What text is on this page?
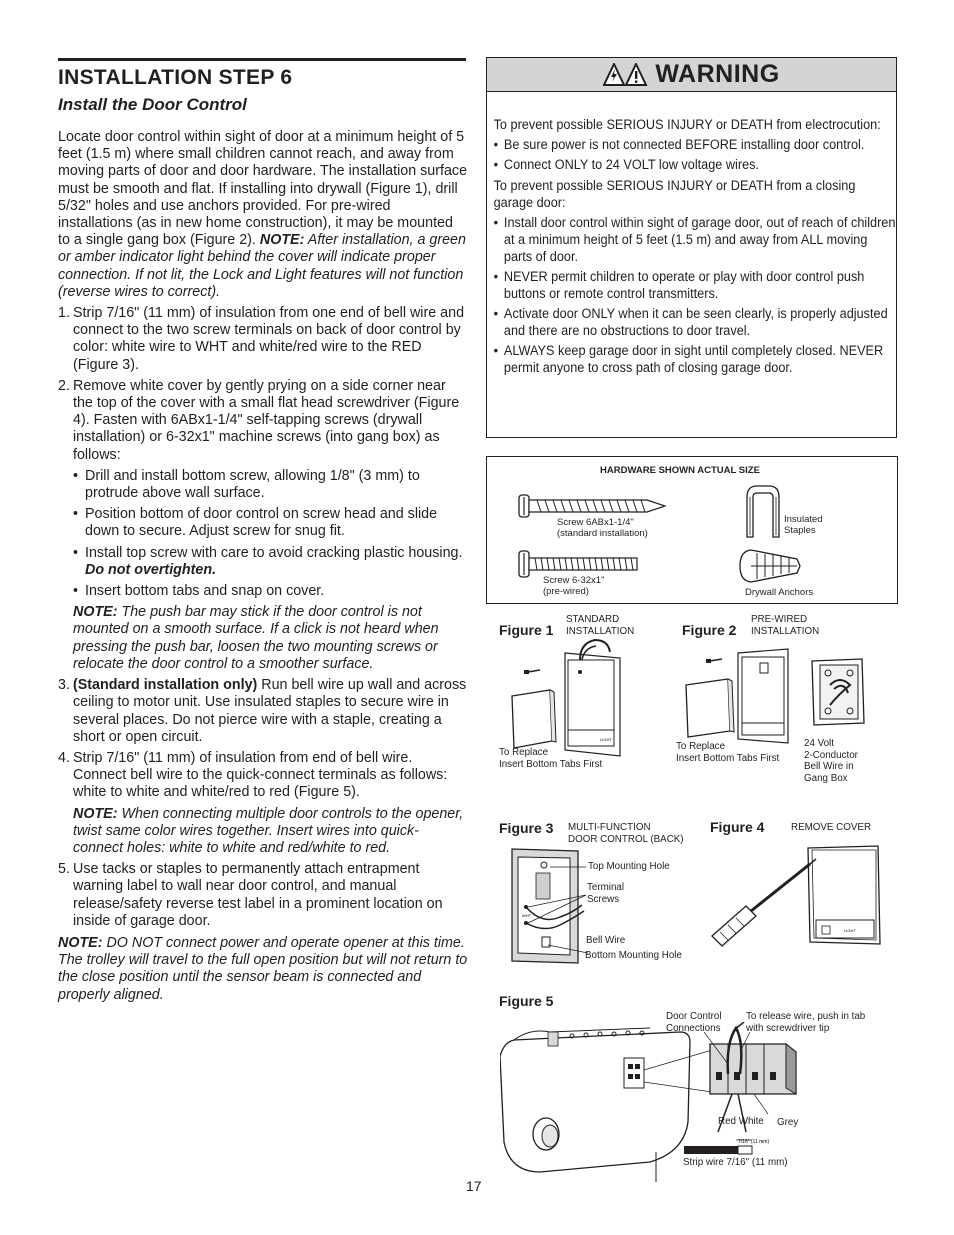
INSTALLATION STEP 6
Install the Door Control
Locate door control within sight of door at a minimum height of 5 feet (1.5 m) where small children cannot reach, and away from moving parts of door and door hardware. The installation surface must be smooth and flat. If installing into drywall (Figure 1), drill 5/32" holes and use anchors provided. For pre-wired installations (as in new home construction), it may be mounted to a single gang box (Figure 2). NOTE: After installation, a green or amber indicator light behind the cover will indicate proper connection. If not lit, the Lock and Light features will not function (reverse wires to correct).
1. Strip 7/16" (11 mm) of insulation from one end of bell wire and connect to the two screw terminals on back of door control by color: white wire to WHT and white/red wire to the RED (Figure 3).
2. Remove white cover by gently prying on a side corner near the top of the cover with a small flat head screwdriver (Figure 4). Fasten with 6ABx1-1/4" self-tapping screws (drywall installation) or 6-32x1" machine screws (into gang box) as follows:
• Drill and install bottom screw, allowing 1/8" (3 mm) to protrude above wall surface.
• Position bottom of door control on screw head and slide down to secure. Adjust screw for snug fit.
• Install top screw with care to avoid cracking plastic housing. Do not overtighten.
• Insert bottom tabs and snap on cover.
NOTE: The push bar may stick if the door control is not mounted on a smooth surface. If a click is not heard when pressing the push bar, loosen the two mounting screws or relocate the door control to a smoother surface.
3. (Standard installation only) Run bell wire up wall and across ceiling to motor unit. Use insulated staples to secure wire in several places. Do not pierce wire with a staple, creating a short or open circuit.
4. Strip 7/16" (11 mm) of insulation from end of bell wire. Connect bell wire to the quick-connect terminals as follows: white to white and white/red to red (Figure 5).
NOTE: When connecting multiple door controls to the opener, twist same color wires together. Insert wires into quick-connect holes: white to white and red/white to red.
5. Use tacks or staples to permanently attach entrapment warning label to wall near door control, and manual release/safety reverse test label in a prominent location on inside of garage door.
NOTE: DO NOT connect power and operate opener at this time. The trolley will travel to the full open position but will not return to the close position until the sensor beam is connected and properly aligned.
17
WARNING
To prevent possible SERIOUS INJURY or DEATH from electrocution:
• Be sure power is not connected BEFORE installing door control.
• Connect ONLY to 24 VOLT low voltage wires.
To prevent possible SERIOUS INJURY or DEATH from a closing garage door:
• Install door control within sight of garage door, out of reach of children at a minimum height of 5 feet (1.5 m) and away from ALL moving parts of door.
• NEVER permit children to operate or play with door control push buttons or remote control transmitters.
• Activate door ONLY when it can be seen clearly, is properly adjusted and there are no obstructions to door travel.
• ALWAYS keep garage door in sight until completely closed. NEVER permit anyone to cross path of closing garage door.
HARDWARE SHOWN ACTUAL SIZE
Screw 6ABx1-1/4"
(standard installation)
Screw 6-32x1"
(pre-wired)
Insulated
Staples
Drywall Anchors
Figure 1
STANDARD
INSTALLATION
LIGHT
To Replace
Insert Bottom Tabs First
Figure 2
PRE-WIRED
INSTALLATION
To Replace
Insert Bottom Tabs First
24 Volt
2-Conductor
Bell Wire in
Gang Box
Figure 3 MULTI-FUNCTION
DOOR CONTROL (BACK)
WHT
Top Mounting Hole
Terminal
Screws
Bell Wire
Bottom Mounting Hole
Figure 4	REMOVE COVER
LIGHT
Figure 5
7/16" (11 mm)
Door Control
Connections
To release wire, push in tab
with screwdriver tip
Red White Grey
Strip wire 7/16" (11 mm)
